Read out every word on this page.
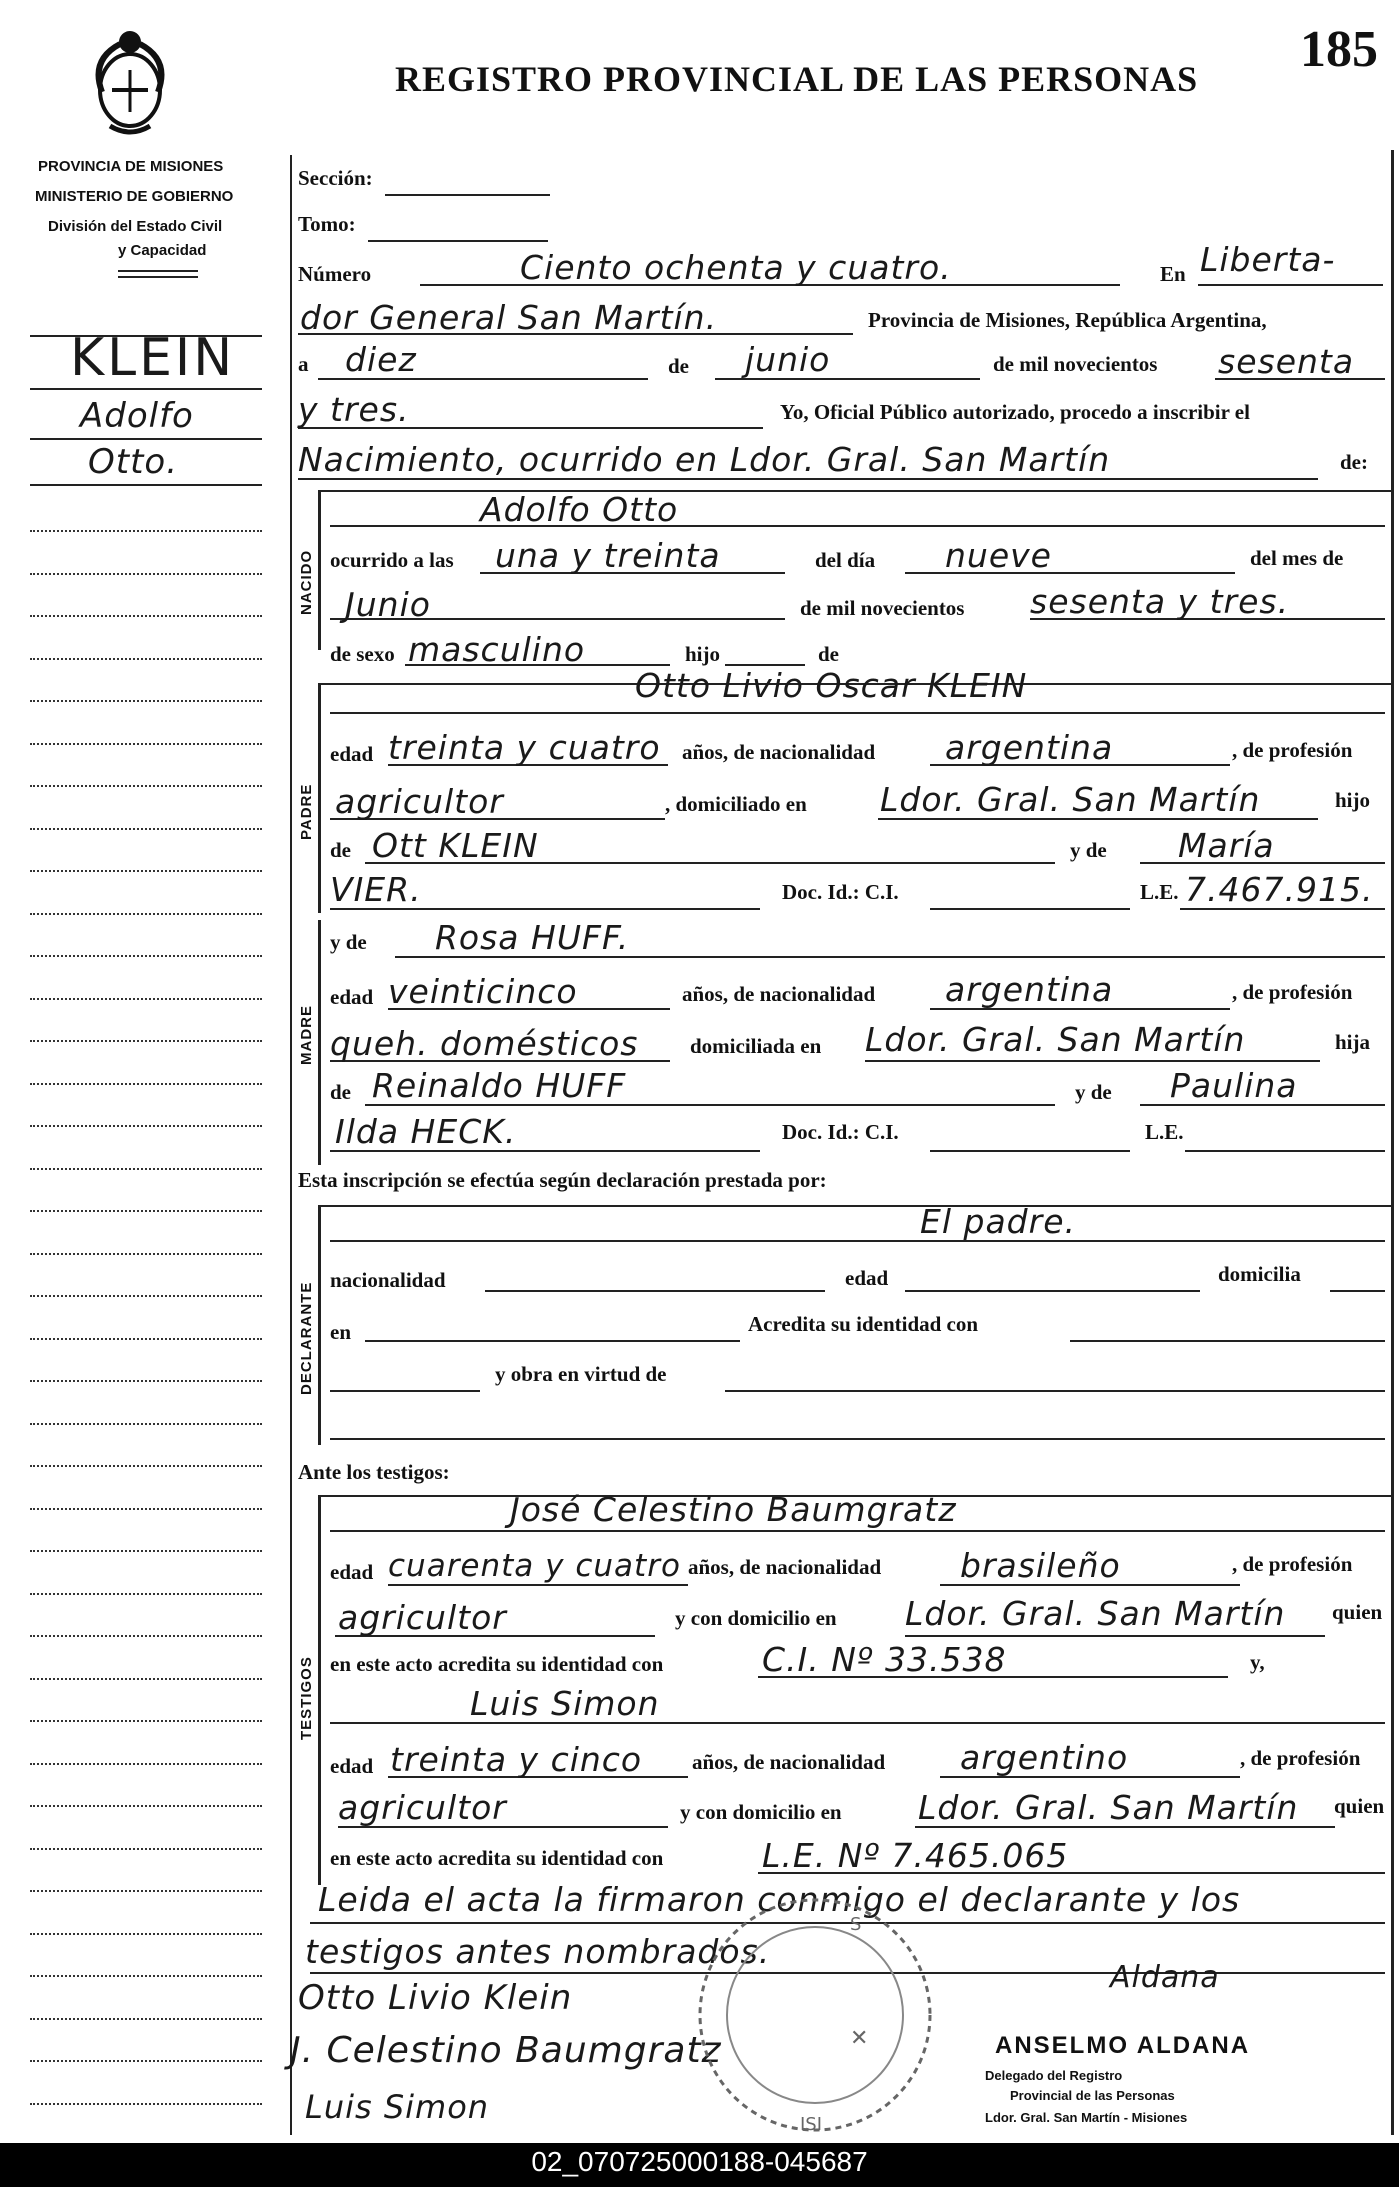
REGISTRO PROVINCIAL DE LAS PERSONAS
185
PROVINCIA DE MISIONES
MINISTERIO DE GOBIERNO
División del Estado Civil
y Capacidad
KLEIN
Adolfo
Otto.
Sección:
Tomo:
Número	Ciento ochenta y cuatro.	En Liberta-
dor General San Martín.	Provincia de Misiones, República Argentina,
a diez	de junio	de mil novecientos sesenta
y tres.	Yo, Oficial Público autorizado, procedo a inscribir el
Nacimiento, ocurrido en Ldor. Gral. San Martín	de:
NACIDO
Adolfo Otto
ocurrido a las una y treinta	del día nueve	del mes de
Junio	de mil novecientos sesenta y tres.
de sexo masculino	hijo	de
PADRE
Otto Livio Oscar KLEIN
edad treinta y cuatro años, de nacionalidad argentina	, de profesión
agricultor	, domiciliado en Ldor. Gral. San Martín	hijo
de Ott KLEIN	y de María
VIER.	Doc. Id.: C.I.	L.E. 7.467.915.
MADRE
y de Rosa HUFF.
edad veinticinco	años, de nacionalidad argentina	, de profesión
queh. domésticos domiciliada en Ldor. Gral. San Martín	hija
de Reinaldo HUFF	y de Paulina
Ilda HECK.	Doc. Id.: C.I.	L.E.
Esta inscripción se efectúa según declaración prestada por:
DECLARANTE
El padre.
nacionalidad	edad	domicilia
en	Acredita su identidad con
y obra en virtud de
Ante los testigos:
TESTIGOS
José Celestino Baumgratz
edad cuarenta y cuatro años, de nacionalidad brasileño	, de profesión
agricultor	y con domicilio en Ldor. Gral. San Martín quien
en este acto acredita su identidad con	C.I. Nº 33.538	y,
Luis Simon
edad treinta y cinco años, de nacionalidad argentino	, de profesión
agricultor	y con domicilio en Ldor. Gral. San Martín quien
en este acto acredita su identidad con	L.E. Nº 7.465.065
Leida el acta la firmaron conmigo el declarante y los
testigos antes nombrados.
Otto Livio Klein
J. Celestino Baumgratz
Luis Simon
S
ISI
✕
Aldana
ANSELMO ALDANA
Delegado del Registro
Provincial de las Personas
Ldor. Gral. San Martín - Misiones
02_070725000188-045687
